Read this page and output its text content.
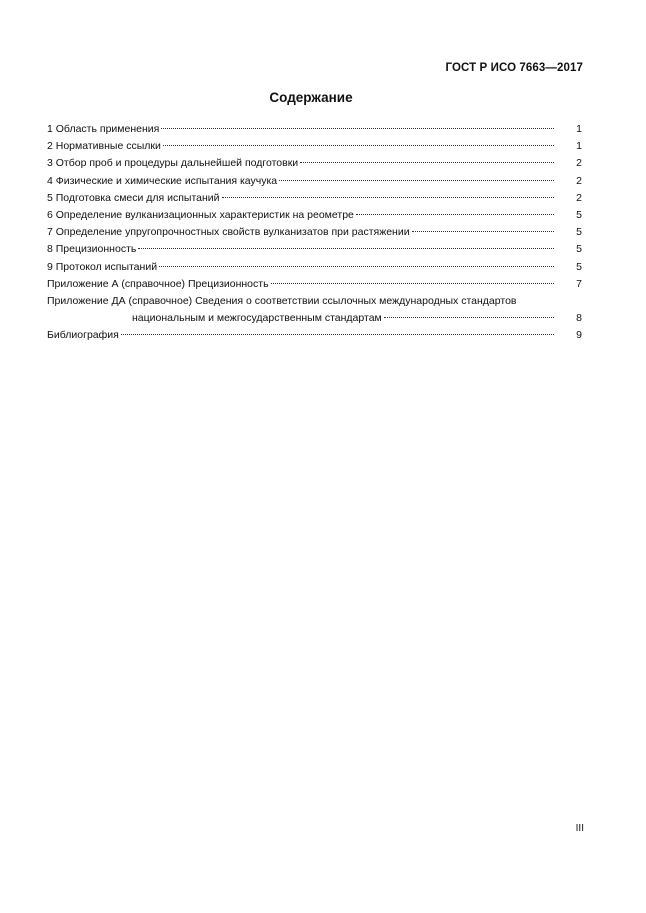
ГОСТ Р ИСО 7663—2017
Содержание
1 Область применения	1
2 Нормативные ссылки	1
3 Отбор проб и процедуры дальнейшей подготовки	2
4 Физические и химические испытания каучука	2
5 Подготовка смеси для испытаний	2
6 Определение вулканизационных характеристик на реометре	5
7 Определение упругопрочностных свойств вулканизатов при растяжении	5
8 Прецизионность	5
9 Протокол испытаний	5
Приложение А (справочное) Прецизионность	7
Приложение ДА (справочное) Сведения о соответствии ссылочных международных стандартов
национальным и межгосударственным стандартам	8
Библиография	9
III
